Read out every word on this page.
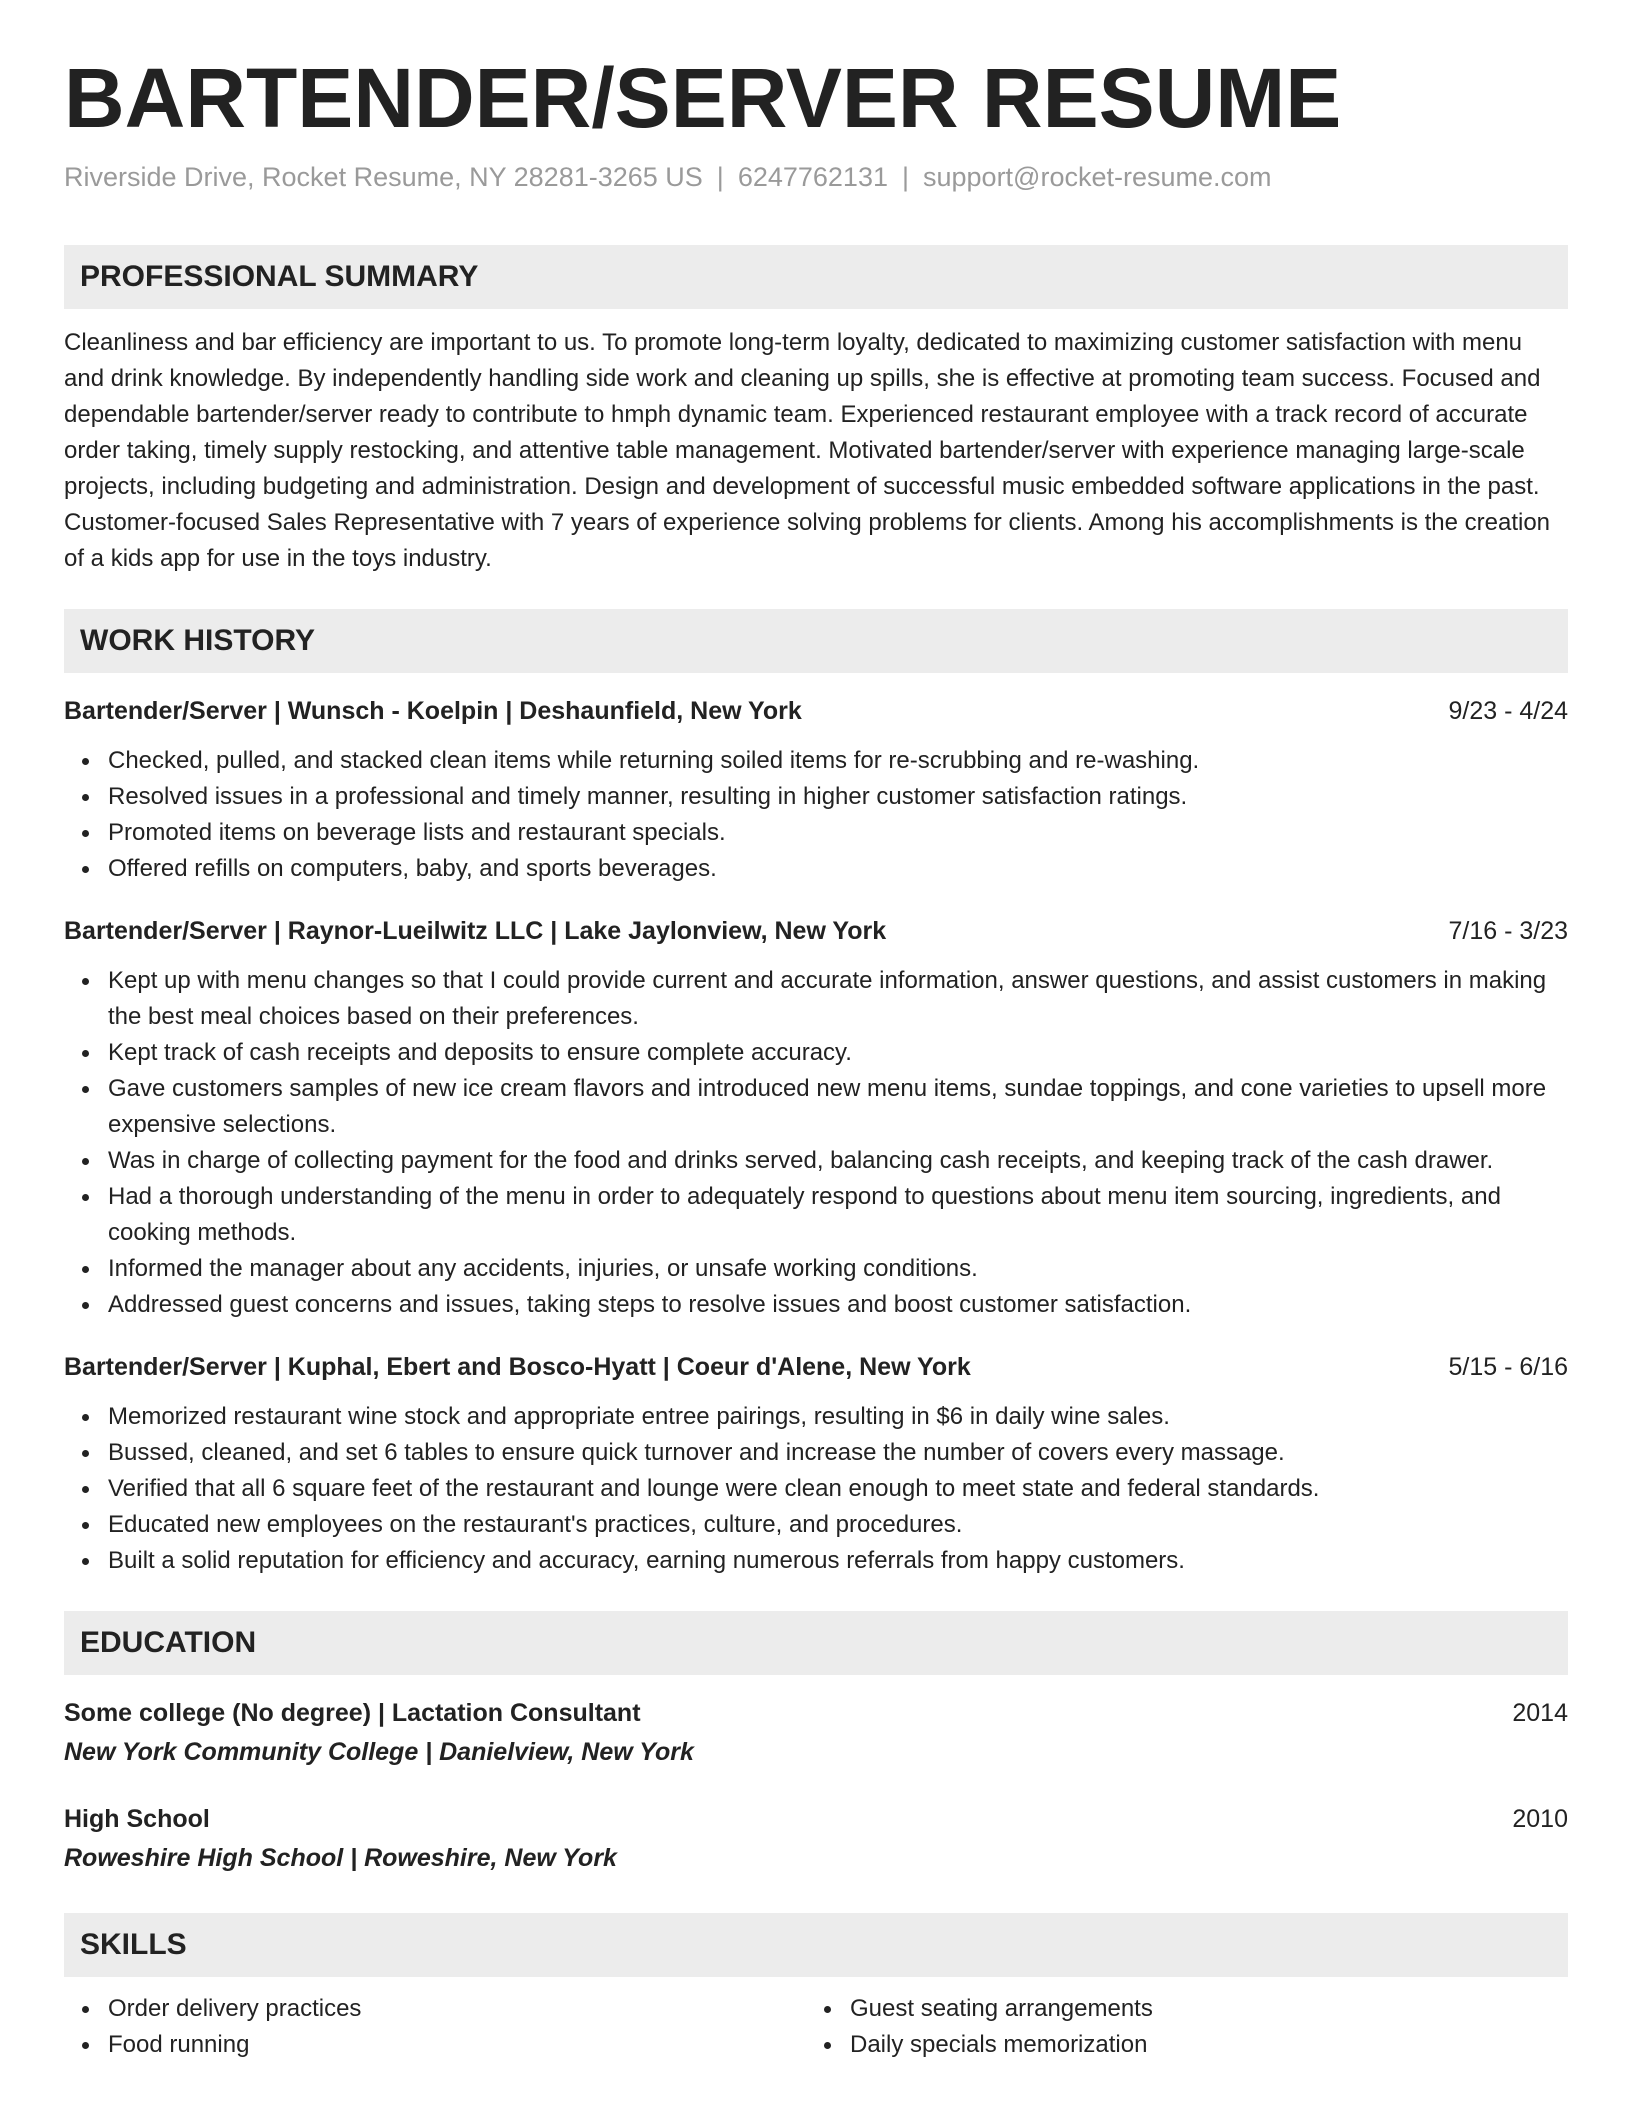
BARTENDER/SERVER RESUME
Riverside Drive, Rocket Resume, NY 28281-3265 US | 6247762131 | support@rocket-resume.com
PROFESSIONAL SUMMARY

Cleanliness and bar efficiency are important to us. To promote long-term loyalty, dedicated to maximizing customer satisfaction with menu and drink knowledge. By independently handling side work and cleaning up spills, she is effective at promoting team success. Focused and dependable bartender/server ready to contribute to hmph dynamic team. Experienced restaurant employee with a track record of accurate order taking, timely supply restocking, and attentive table management. Motivated bartender/server with experience managing large-scale projects, including budgeting and administration. Design and development of successful music embedded software applications in the past. Customer-focused Sales Representative with 7 years of experience solving problems for clients. Among his accomplishments is the creation of a kids app for use in the toys industry.

WORK HISTORY
Bartender/Server | Wunsch - Koelpin | Deshaunfield, New York	9/23 - 4/24
Checked, pulled, and stacked clean items while returning soiled items for re-scrubbing and re-washing.
Resolved issues in a professional and timely manner, resulting in higher customer satisfaction ratings.
Promoted items on beverage lists and restaurant specials.
Offered refills on computers, baby, and sports beverages.
Bartender/Server | Raynor-Lueilwitz LLC | Lake Jaylonview, New York	7/16 - 3/23
Kept up with menu changes so that I could provide current and accurate information, answer questions, and assist customers in making the best meal choices based on their preferences.
Kept track of cash receipts and deposits to ensure complete accuracy.
Gave customers samples of new ice cream flavors and introduced new menu items, sundae toppings, and cone varieties to upsell more expensive selections.
Was in charge of collecting payment for the food and drinks served, balancing cash receipts, and keeping track of the cash drawer.
Had a thorough understanding of the menu in order to adequately respond to questions about menu item sourcing, ingredients, and cooking methods.
Informed the manager about any accidents, injuries, or unsafe working conditions.
Addressed guest concerns and issues, taking steps to resolve issues and boost customer satisfaction.
Bartender/Server | Kuphal, Ebert and Bosco-Hyatt | Coeur d'Alene, New York	5/15 - 6/16
Memorized restaurant wine stock and appropriate entree pairings, resulting in $6 in daily wine sales.
Bussed, cleaned, and set 6 tables to ensure quick turnover and increase the number of covers every massage.
Verified that all 6 square feet of the restaurant and lounge were clean enough to meet state and federal standards.
Educated new employees on the restaurant's practices, culture, and procedures.
Built a solid reputation for efficiency and accuracy, earning numerous referrals from happy customers.
EDUCATION
Some college (No degree) | Lactation Consultant	2014
New York Community College | Danielview, New York
High School	2010
Roweshire High School | Roweshire, New York
SKILLS
Order delivery practices
Food running
Guest seating arrangements
Daily specials memorization
